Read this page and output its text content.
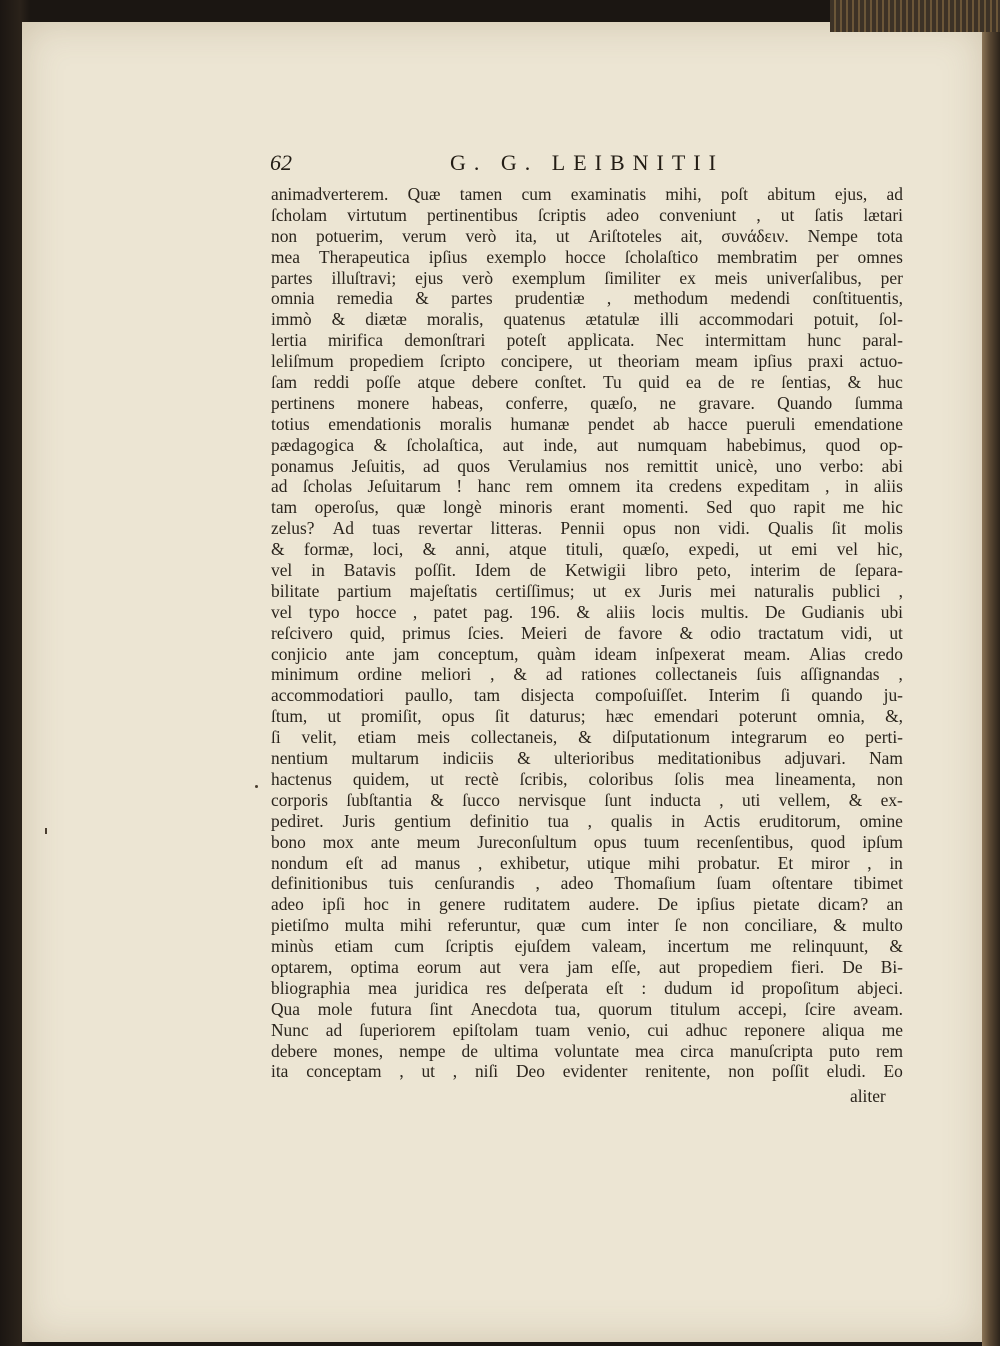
62	G. G. LEIBNITII
animadverterem. Quæ tamen cum examinatis mihi, poſt abitum ejus, ad
ſcholam virtutum pertinentibus ſcriptis adeo conveniunt , ut ſatis lætari
non potuerim, verum verò ita, ut Ariſtoteles ait, συνάδειν. Nempe tota
mea Therapeutica ipſius exemplo hocce ſcholaſtico membratim per omnes
partes illuſtravi; ejus verò exemplum ſimiliter ex meis univerſalibus, per
omnia remedia & partes prudentiæ , methodum medendi conſtituentis,
immò & diætæ moralis, quatenus ætatulæ illi accommodari potuit, ſol-
lertia mirifica demonſtrari poteſt applicata. Nec intermittam hunc paral-
leliſmum propediem ſcripto concipere, ut theoriam meam ipſius praxi actuo-
ſam reddi poſſe atque debere conſtet. Tu quid ea de re ſentias, & huc
pertinens monere habeas, conferre, quæſo, ne gravare. Quando ſumma
totius emendationis moralis humanæ pendet ab hacce pueruli emendatione
pædagogica & ſcholaſtica, aut inde, aut numquam habebimus, quod op-
ponamus Jeſuitis, ad quos Verulamius nos remittit unicè, uno verbo: abi
ad ſcholas Jeſuitarum ! hanc rem omnem ita credens expeditam , in aliis
tam operoſus, quæ longè minoris erant momenti. Sed quo rapit me hic
zelus? Ad tuas revertar litteras. Pennii opus non vidi. Qualis ſit molis
& formæ, loci, & anni, atque tituli, quæſo, expedi, ut emi vel hic,
vel in Batavis poſſit. Idem de Ketwigii libro peto, interim de ſepara-
bilitate partium majeſtatis certiſſimus; ut ex Juris mei naturalis publici ,
vel typo hocce , patet pag. 196. & aliis locis multis. De Gudianis ubi
reſcivero quid, primus ſcies. Meieri de favore & odio tractatum vidi, ut
conjicio ante jam conceptum, quàm ideam inſpexerat meam. Alias credo
minimum ordine meliori , & ad rationes collectaneis ſuis aſſignandas ,
accommodatiori paullo, tam disjecta compoſuiſſet. Interim ſi quando ju-
ſtum, ut promiſit, opus ſit daturus; hæc emendari poterunt omnia, &,
ſi velit, etiam meis collectaneis, & diſputationum integrarum eo perti-
nentium multarum indiciis & ulterioribus meditationibus adjuvari. Nam
hactenus quidem, ut rectè ſcribis, coloribus ſolis mea lineamenta, non
corporis ſubſtantia & ſucco nervisque ſunt inducta , uti vellem, & ex-
pediret. Juris gentium definitio tua , qualis in Actis eruditorum, omine
bono mox ante meum Jureconſultum opus tuum recenſentibus, quod ipſum
nondum eſt ad manus , exhibetur, utique mihi probatur. Et miror , in
definitionibus tuis cenſurandis , adeo Thomaſium ſuam oſtentare tibimet
adeo ipſi hoc in genere ruditatem audere. De ipſius pietate dicam? an
pietiſmo multa mihi referuntur, quæ cum inter ſe non conciliare, & multo
minùs etiam cum ſcriptis ejuſdem valeam, incertum me relinquunt, &
optarem, optima eorum aut vera jam eſſe, aut propediem fieri. De Bi-
bliographia mea juridica res deſperata eſt : dudum id propoſitum abjeci.
Qua mole futura ſint Anecdota tua, quorum titulum accepi, ſcire aveam.
Nunc ad ſuperiorem epiſtolam tuam venio, cui adhuc reponere aliqua me
debere mones, nempe de ultima voluntate mea circa manuſcripta puto rem
ita conceptam , ut , niſi Deo evidenter renitente, non poſſit eludi. Eo
aliter
